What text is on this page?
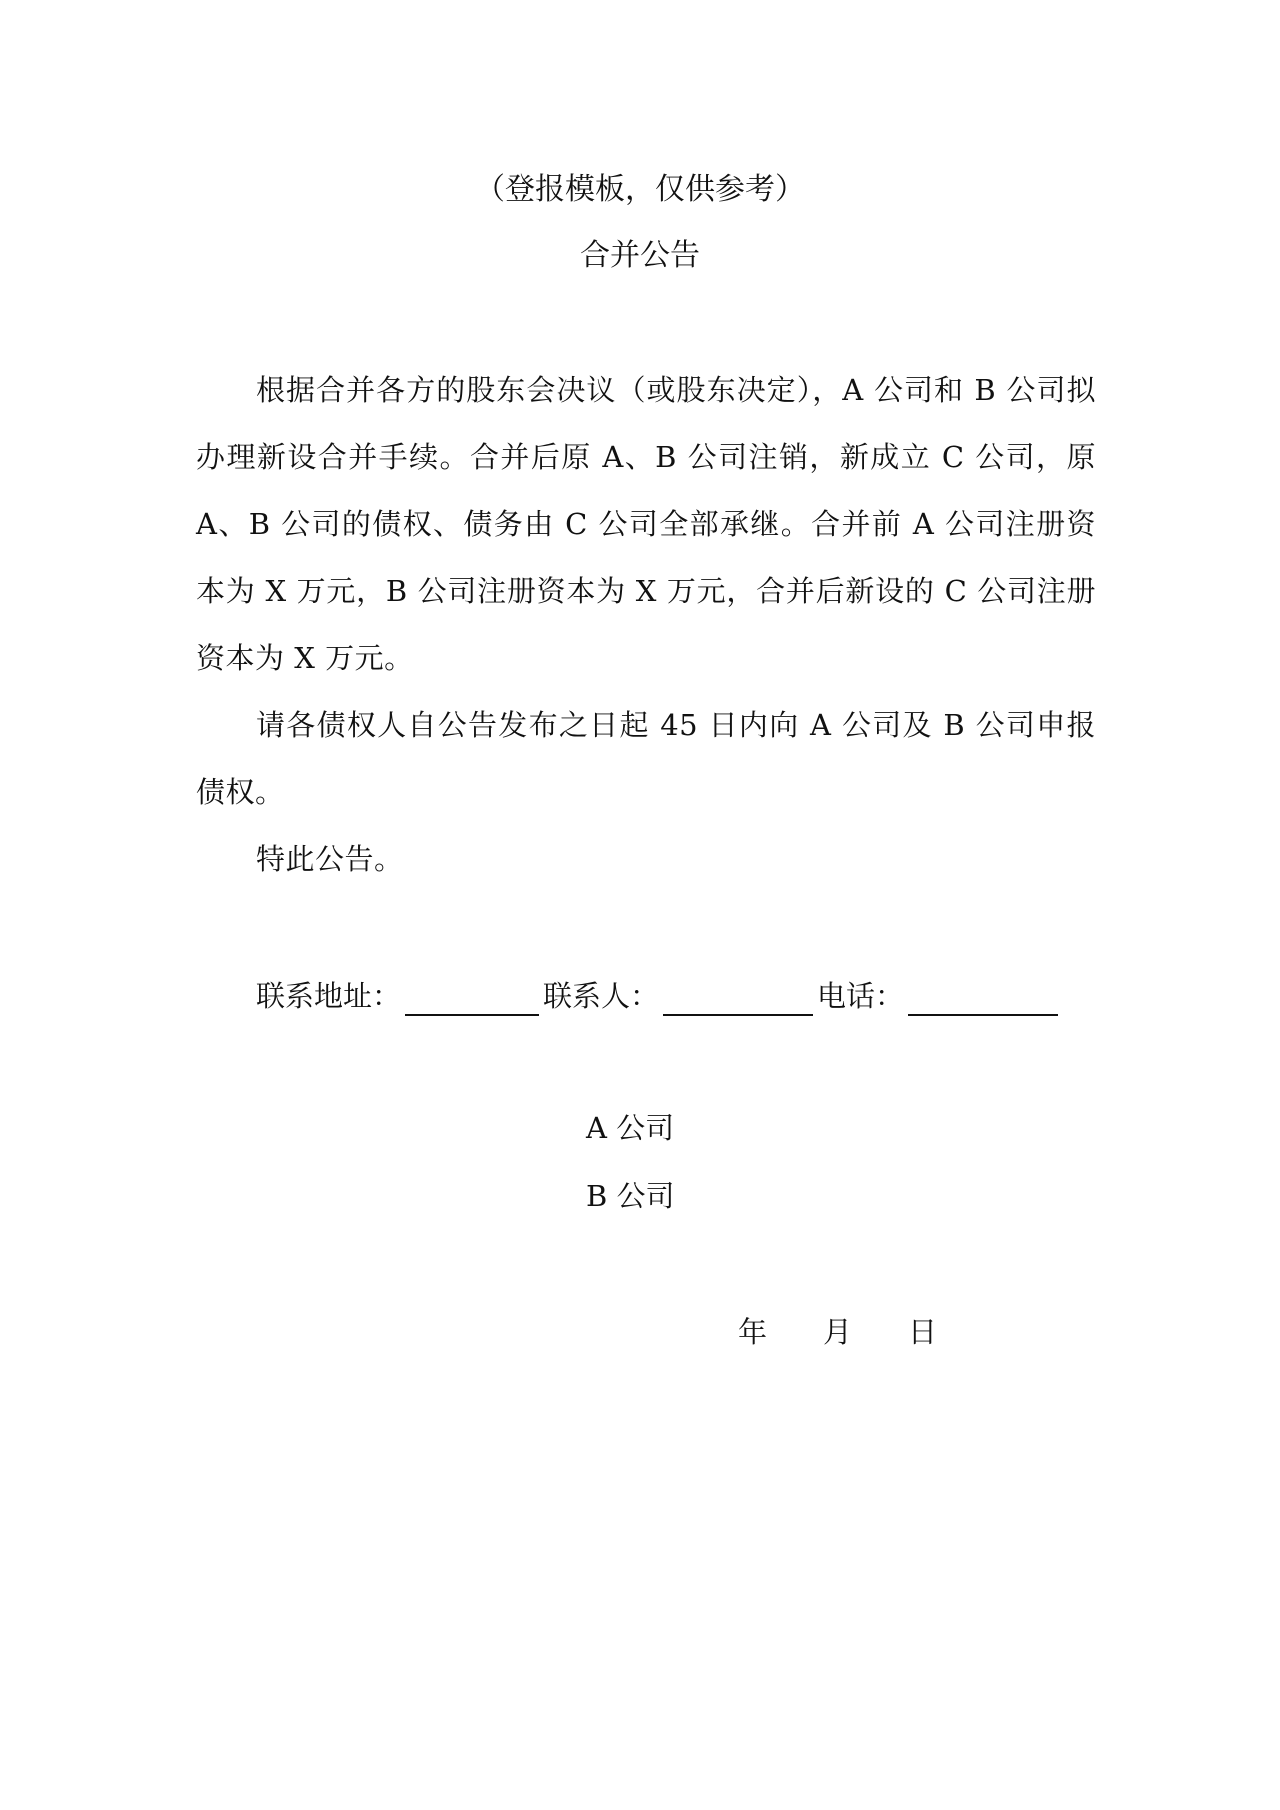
（登报模板，仅供参考）
合并公告

根据合并各方的股东会决议（或股东决定），A 公司和 B 公司拟办理新设合并手续。合并后原 A、B 公司注销，新成立 C 公司，原 A、B 公司的债权、债务由 C 公司全部承继。合并前 A 公司注册资本为 X 万元，B 公司注册资本为 X 万元，合并后新设的 C 公司注册资本为 X 万元。

请各债权人自公告发布之日起 45 日内向 A 公司及 B 公司申报债权。

特此公告。

联系地址：	联系人：	电话：
A 公司
B 公司
年 月 日
